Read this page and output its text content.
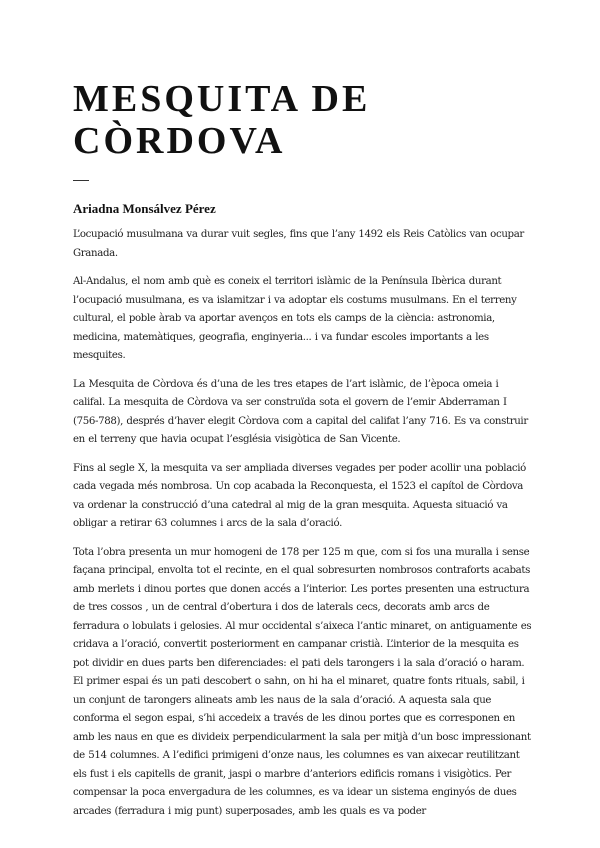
MESQUITA DE CÒRDOVA

Ariadna Monsálvez Pérez

L’ocupació musulmana va durar vuit segles, fins que l’any 1492 els Reis Catòlics van ocupar Granada.

Al-Andalus, el nom amb què es coneix el territori islàmic de la Península Ibèrica durant l’ocupació musulmana, es va islamitzar i va adoptar els costums musulmans. En el terreny cultural, el poble àrab va aportar avenços en tots els camps de la ciència: astronomia, medicina, matemàtiques, geografia, enginyeria... i va fundar escoles importants a les mesquites.

La Mesquita de Còrdova és d’una de les tres etapes de l’art islàmic, de l’època omeia i califal. La mesquita de Còrdova va ser construïda sota el govern de l’emir Abderraman I (756-788), després d’haver elegit Còrdova com a capital del califat l’any 716. Es va construir en el terreny que havia ocupat l’església visigòtica de San Vicente.

Fins al segle X, la mesquita va ser ampliada diverses vegades per poder acollir una població cada vegada més nombrosa. Un cop acabada la Reconquesta, el 1523 el capítol de Còrdova va ordenar la construcció d’una catedral al mig de la gran mesquita. Aquesta situació va obligar a retirar 63 columnes i arcs de la sala d’oració.

Tota l’obra presenta un mur homogeni de 178 per 125 m que, com si fos una muralla i sense façana principal, envolta tot el recinte, en el qual sobresurten nombrosos contraforts acabats amb merlets i dinou portes que donen accés a l’interior. Les portes presenten una estructura de tres cossos , un de central d’obertura i dos de laterals cecs, decorats amb arcs de ferradura o lobulats i gelosies. Al mur occidental s’aixeca l’antic minaret, on antiguamente es cridava a l’oració, convertit posteriorment en campanar cristià. L’interior de la mesquita es pot dividir en dues parts ben diferenciades: el pati dels tarongers i la sala d’oració o haram. El primer espai és un pati descobert o sahn, on hi ha el minaret, quatre fonts rituals, sabil, i un conjunt de tarongers alineats amb les naus de la sala d’oració. A aquesta sala que conforma el segon espai, s’hi accedeix a través de les dinou portes que es corresponen en amb les naus en que es divideix perpendicularment la sala per mitjà d’un bosc impressionant de 514 columnes. A l’edifici primigeni d’onze naus, les columnes es van aixecar reutilitzant els fust i els capitells de granit, jaspi o marbre d’anteriors edificis romans i visigòtics. Per compensar la poca envergadura de les columnes, es va idear un sistema enginyós de dues arcades (ferradura i mig punt) superposades, amb les quals es va poder
